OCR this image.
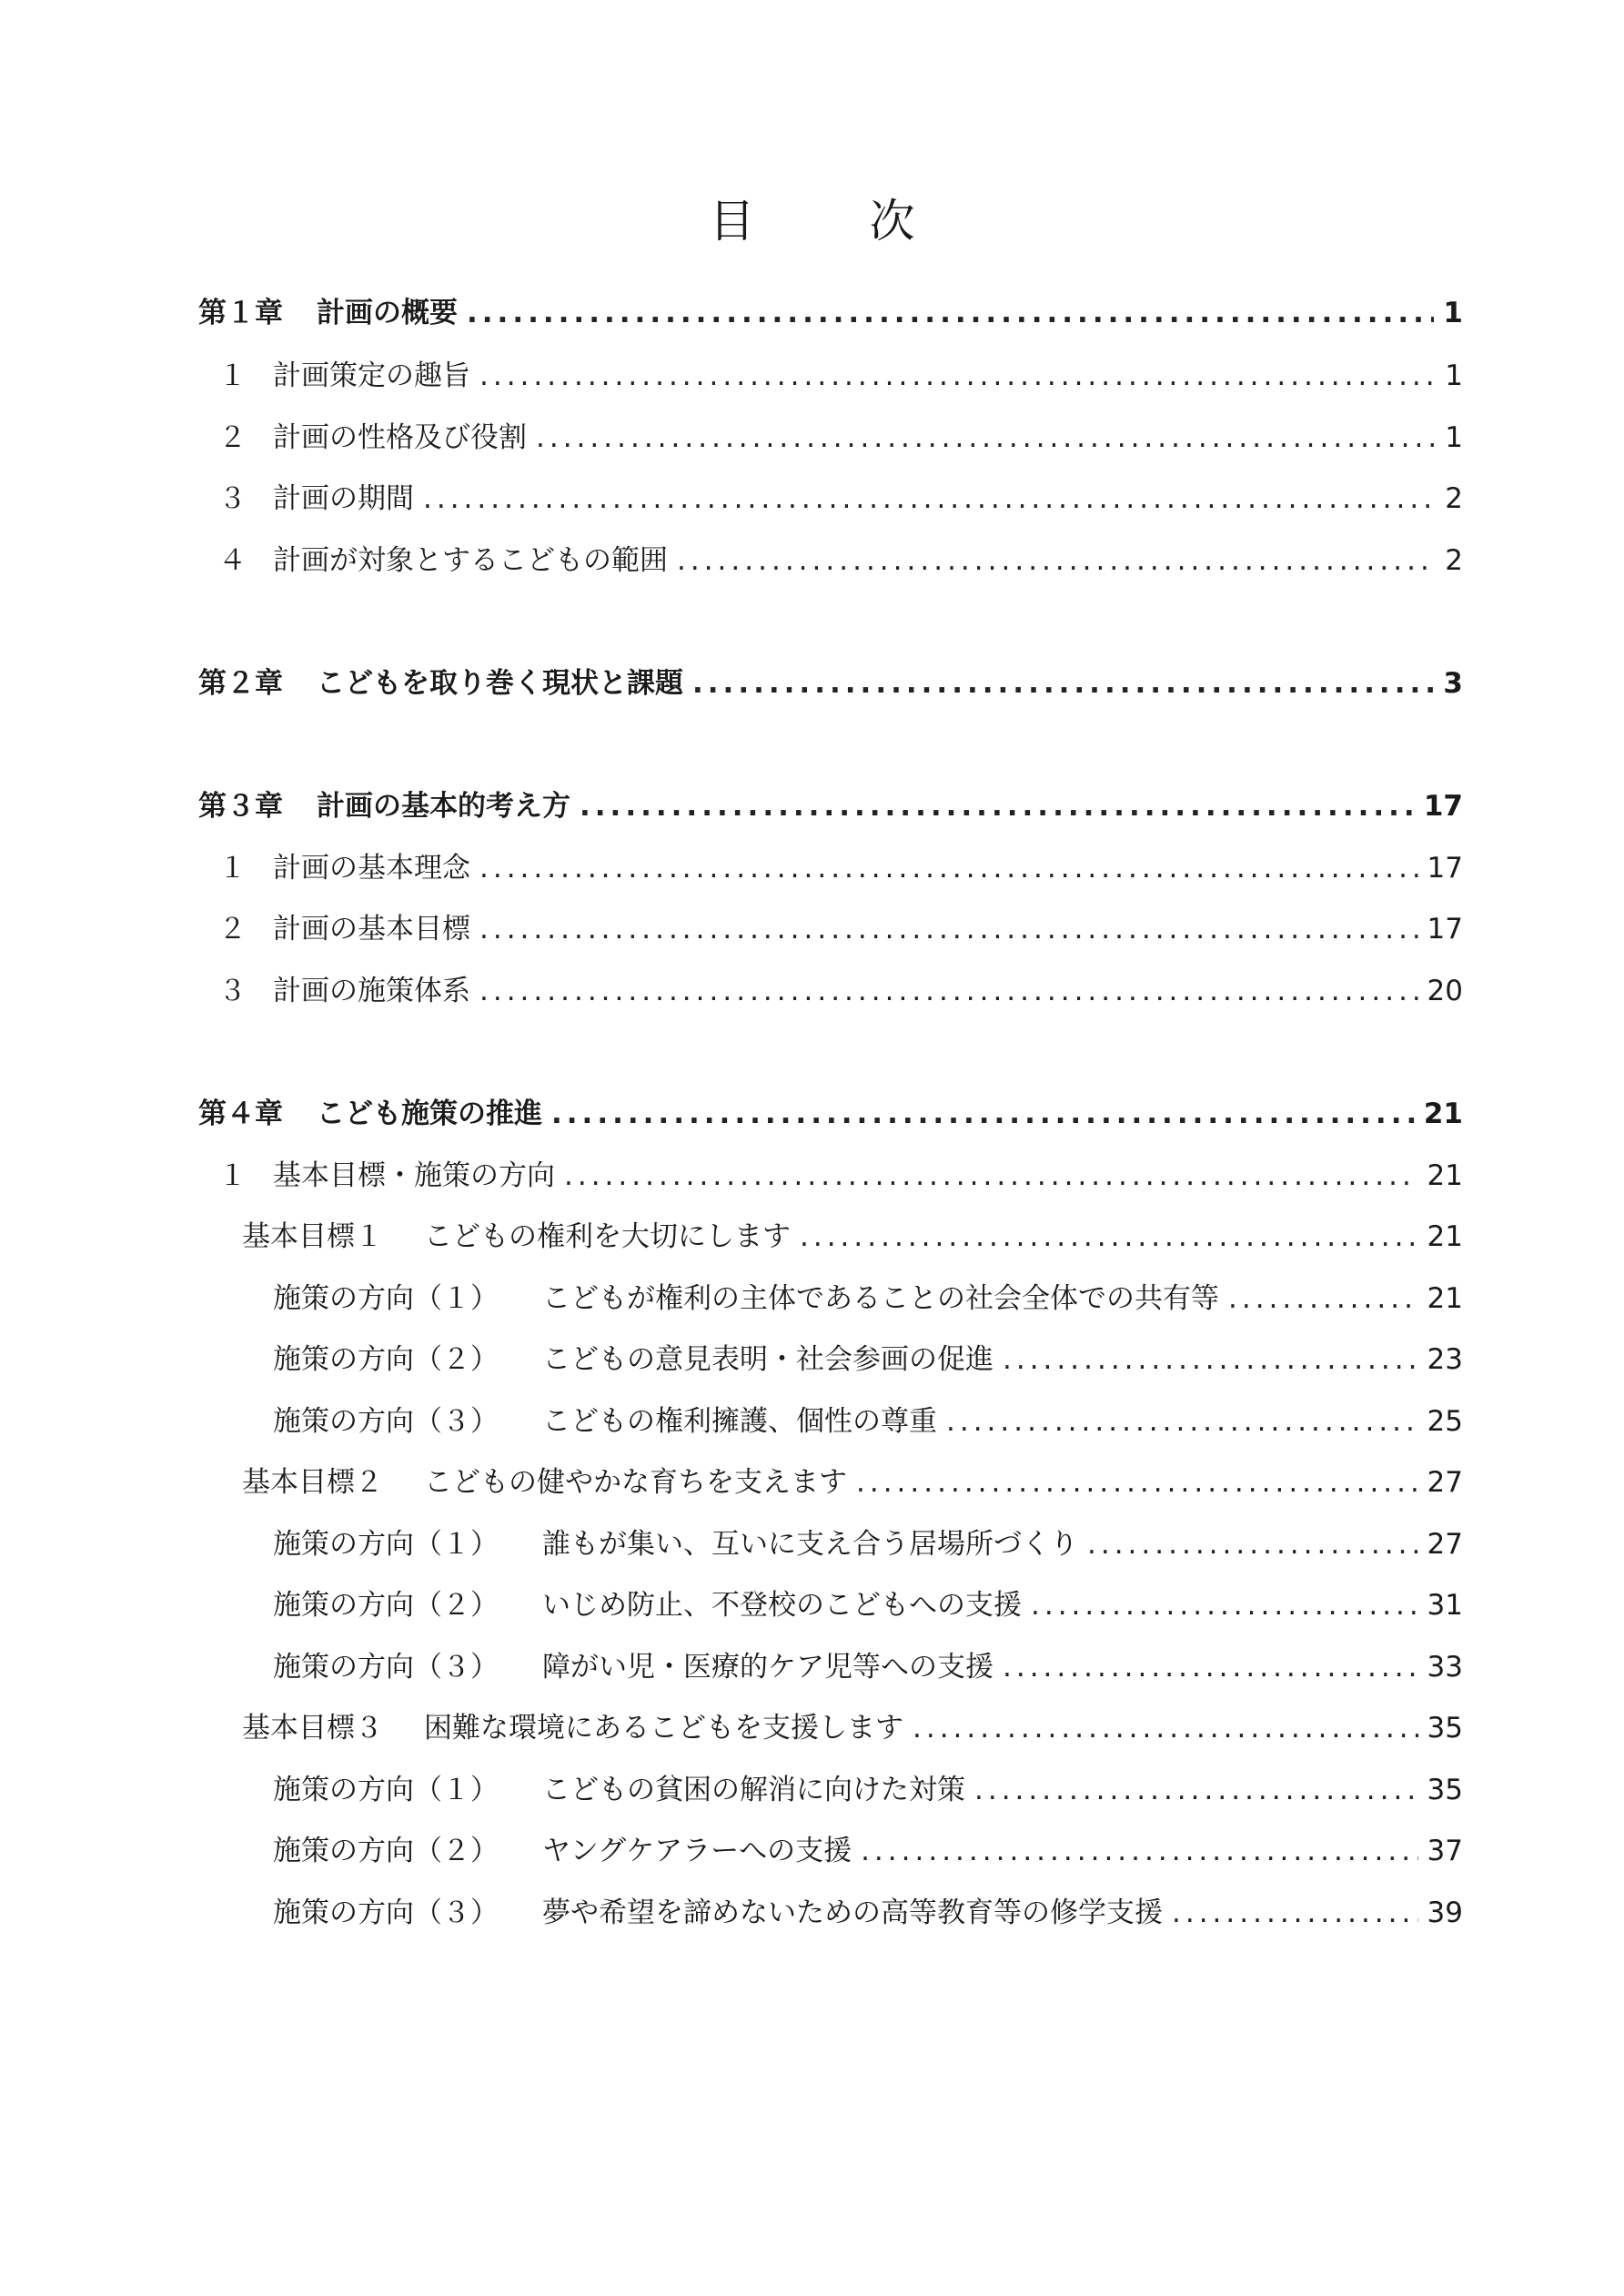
目　次
第１章	計画の概要 .....	1
１ 計画策定の趣旨 .....	1
２ 計画の性格及び役割 .....	1
３ 計画の期間 .....	2
４ 計画が対象とするこどもの範囲 .....	2
第２章	こどもを取り巻く現状と課題 .....	3
第３章	計画の基本的考え方 .....	17
１ 計画の基本理念 .....	17
２ 計画の基本目標 .....	17
３ 計画の施策体系 .....	20
第４章	こども施策の推進 .....	21
１ 基本目標・施策の方向 .....	21
基本目標１	こどもの権利を大切にします .....	21
施策の方向（１）	こどもが権利の主体であることの社会全体での共有等 .....	21
施策の方向（２）	こどもの意見表明・社会参画の促進 .....	23
施策の方向（３）	こどもの権利擁護、個性の尊重 .....	25
基本目標２	こどもの健やかな育ちを支えます .....	27
施策の方向（１）	誰もが集い、互いに支え合う居場所づくり .....	27
施策の方向（２）	いじめ防止、不登校のこどもへの支援 .....	31
施策の方向（３）	障がい児・医療的ケア児等への支援 .....	33
基本目標３	困難な環境にあるこどもを支援します .....	35
施策の方向（１）	こどもの貧困の解消に向けた対策 .....	35
施策の方向（２）	ヤングケアラーへの支援 .....	37
施策の方向（３）	夢や希望を諦めないための高等教育等の修学支援 .....	39
